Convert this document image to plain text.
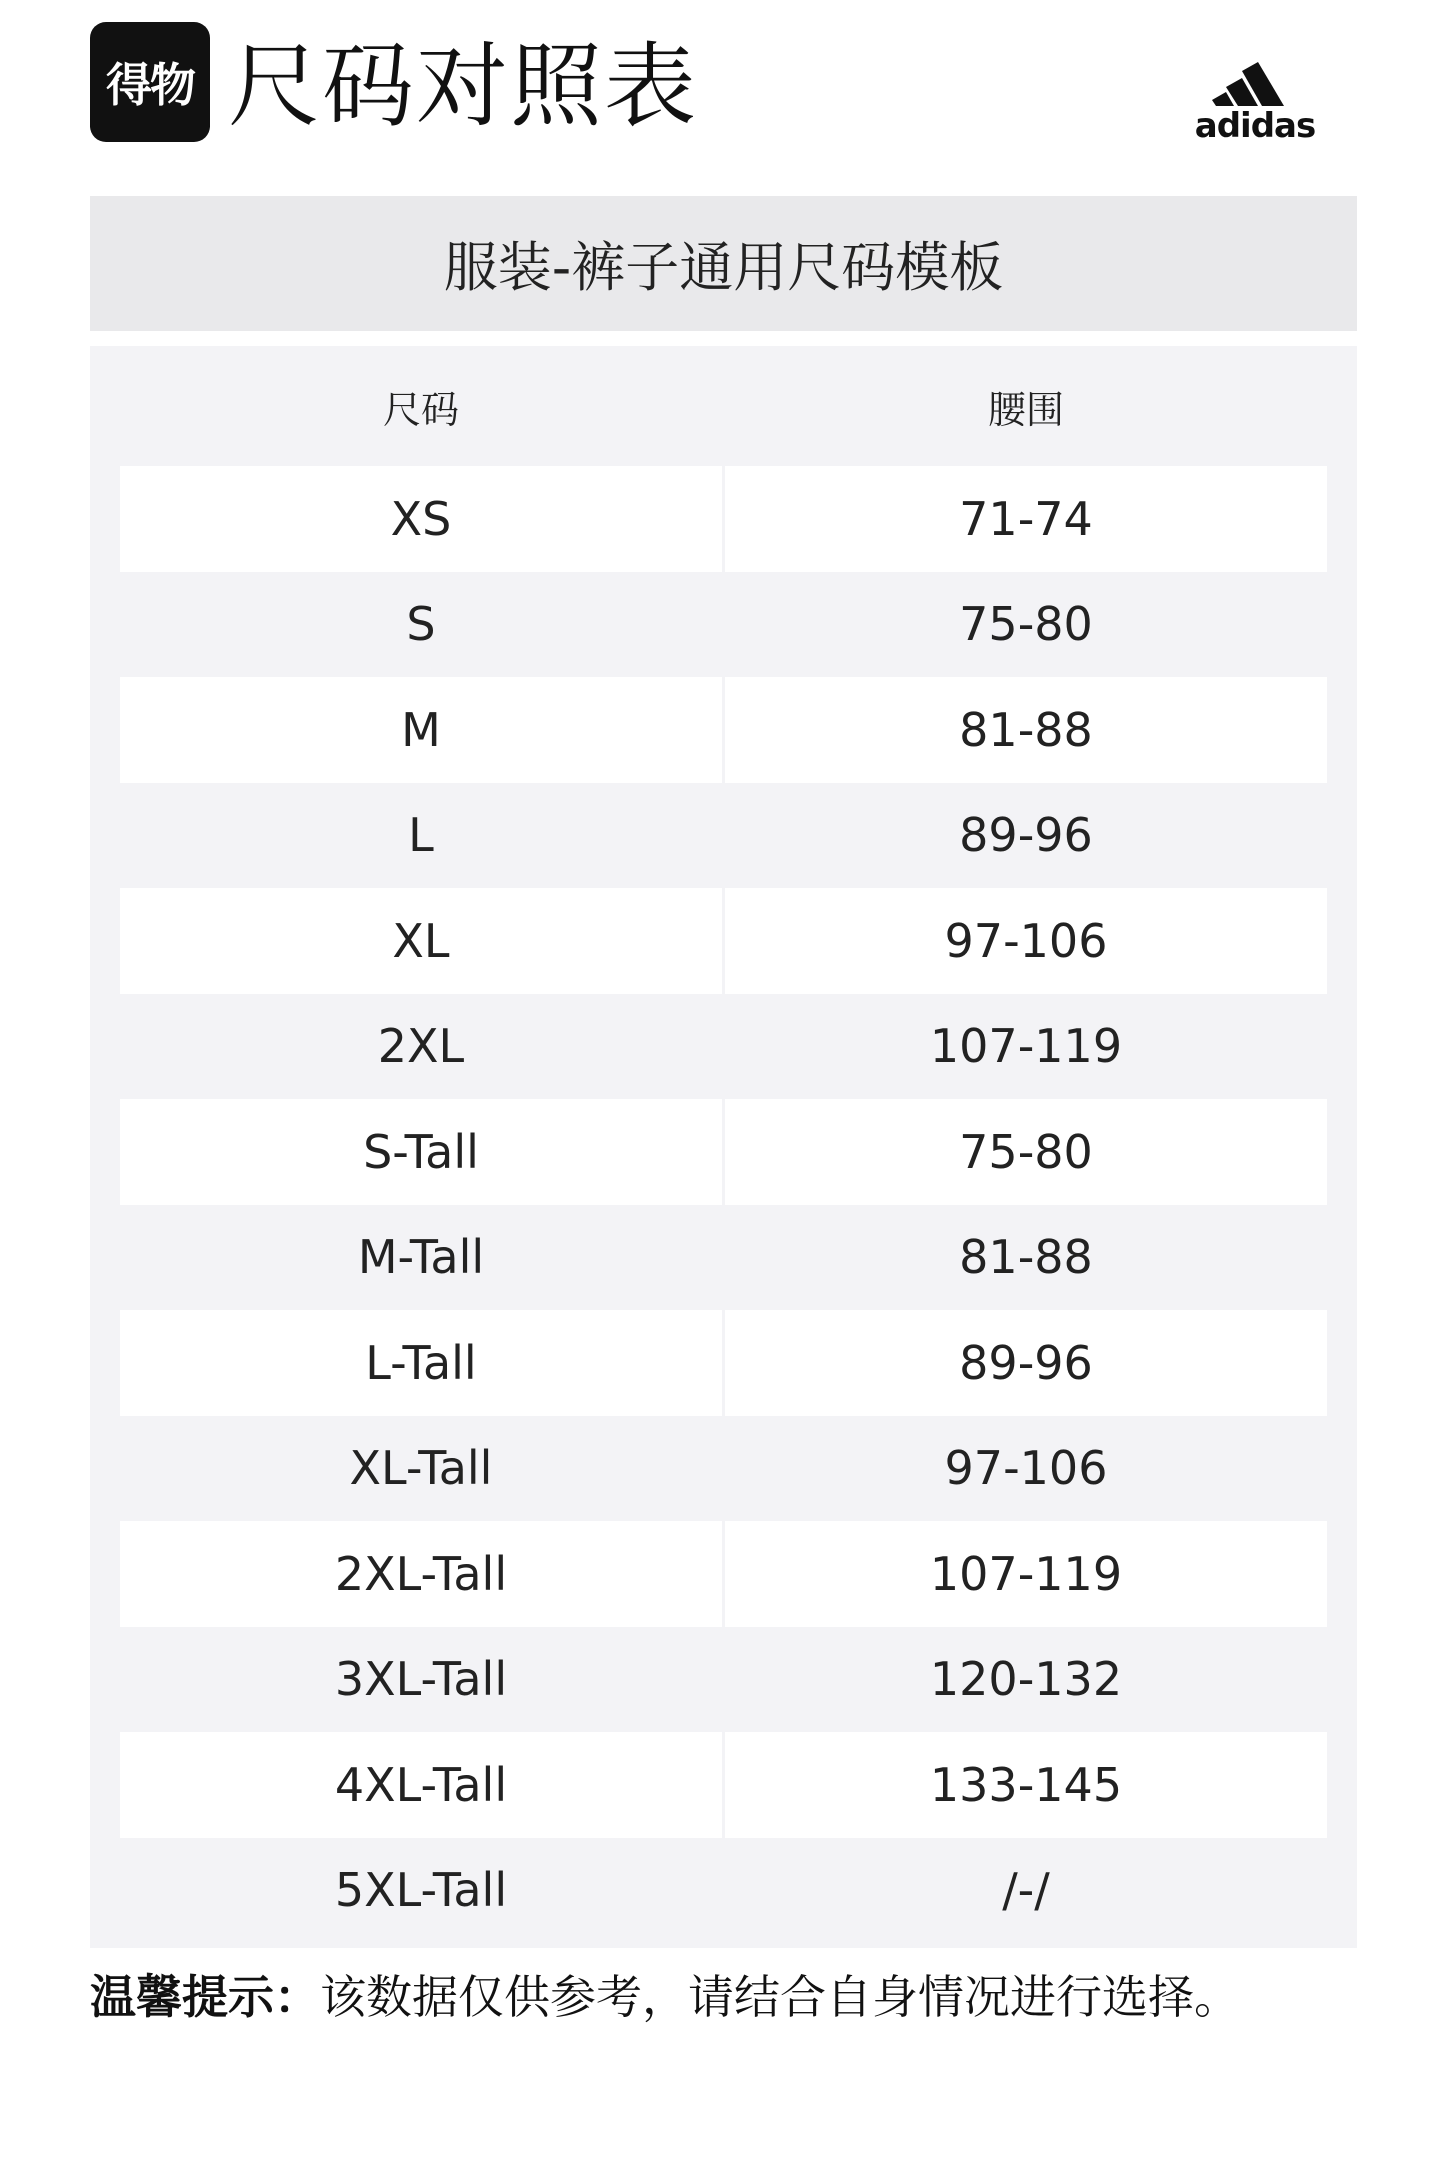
得物 尺码对照表	adidas
服装-裤子通用尺码模板
尺码	腰围
XS	71-74
S	75-80
M	81-88
L	89-96
XL	97-106
2XL	107-119
S-Tall	75-80
M-Tall	81-88
L-Tall	89-96
XL-Tall	97-106
2XL-Tall	107-119
3XL-Tall	120-132
4XL-Tall	133-145
5XL-Tall	/-/
温馨提示：该数据仅供参考，请结合自身情况进行选择。
